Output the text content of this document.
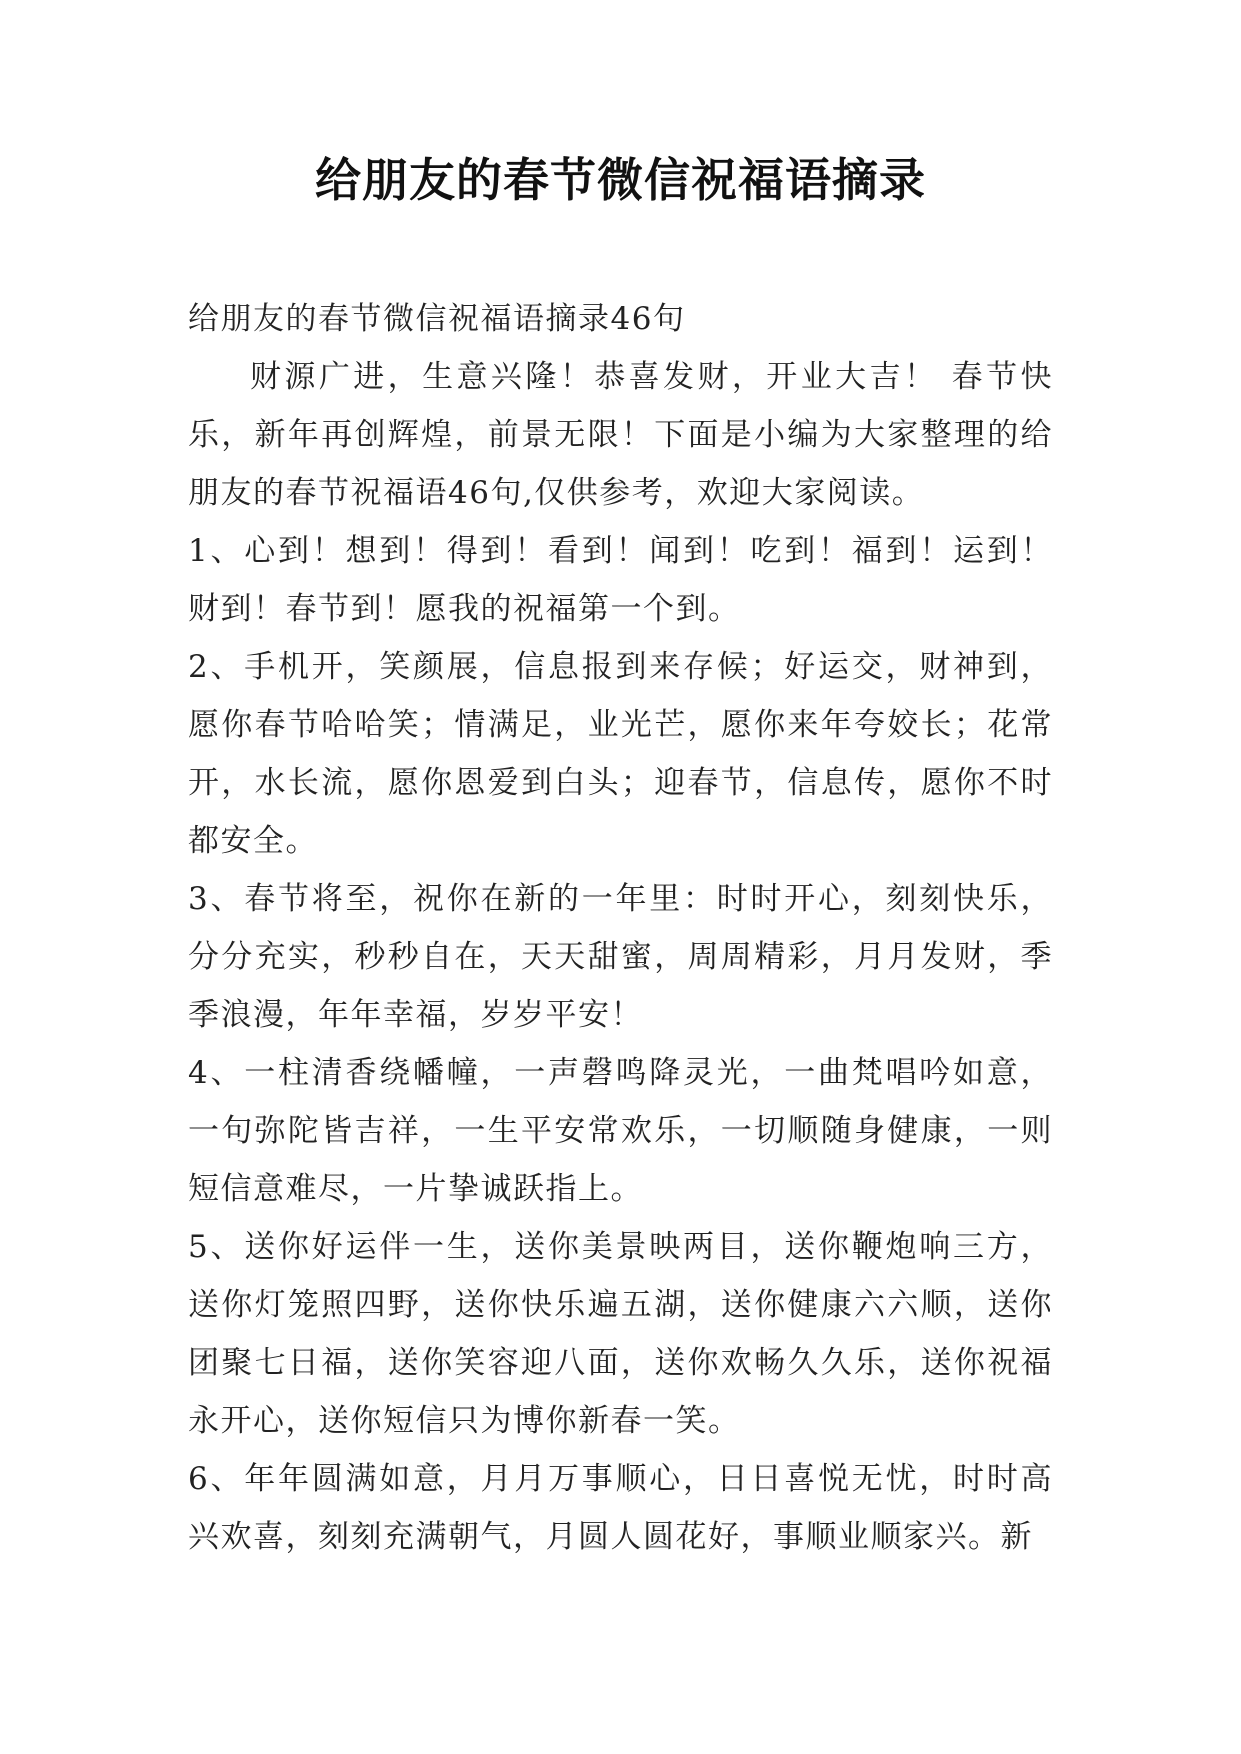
给朋友的春节微信祝福语摘录

给朋友的春节微信祝福语摘录46句

财源广进，生意兴隆！恭喜发财，开业大吉！ 春节快乐，新年再创辉煌，前景无限！下面是小编为大家整理的给朋友的春节祝福语46句,仅供参考，欢迎大家阅读。

1、心到！想到！得到！看到！闻到！吃到！福到！运到！财到！春节到！愿我的祝福第一个到。

2、手机开，笑颜展，信息报到来存候；好运交，财神到，愿你春节哈哈笑；情满足，业光芒，愿你来年夸姣长；花常开，水长流，愿你恩爱到白头；迎春节，信息传，愿你不时都安全。

3、春节将至，祝你在新的一年里：时时开心，刻刻快乐，分分充实，秒秒自在，天天甜蜜，周周精彩，月月发财，季季浪漫，年年幸福，岁岁平安！

4、一柱清香绕幡幢，一声磬鸣降灵光，一曲梵唱吟如意，一句弥陀皆吉祥，一生平安常欢乐，一切顺随身健康，一则短信意难尽，一片挚诚跃指上。

5、送你好运伴一生，送你美景映两目，送你鞭炮响三方，送你灯笼照四野，送你快乐遍五湖，送你健康六六顺，送你团聚七日福，送你笑容迎八面，送你欢畅久久乐，送你祝福永开心，送你短信只为博你新春一笑。

6、年年圆满如意，月月万事顺心，日日喜悦无忧，时时高兴欢喜，刻刻充满朝气，月圆人圆花好，事顺业顺家兴。新
